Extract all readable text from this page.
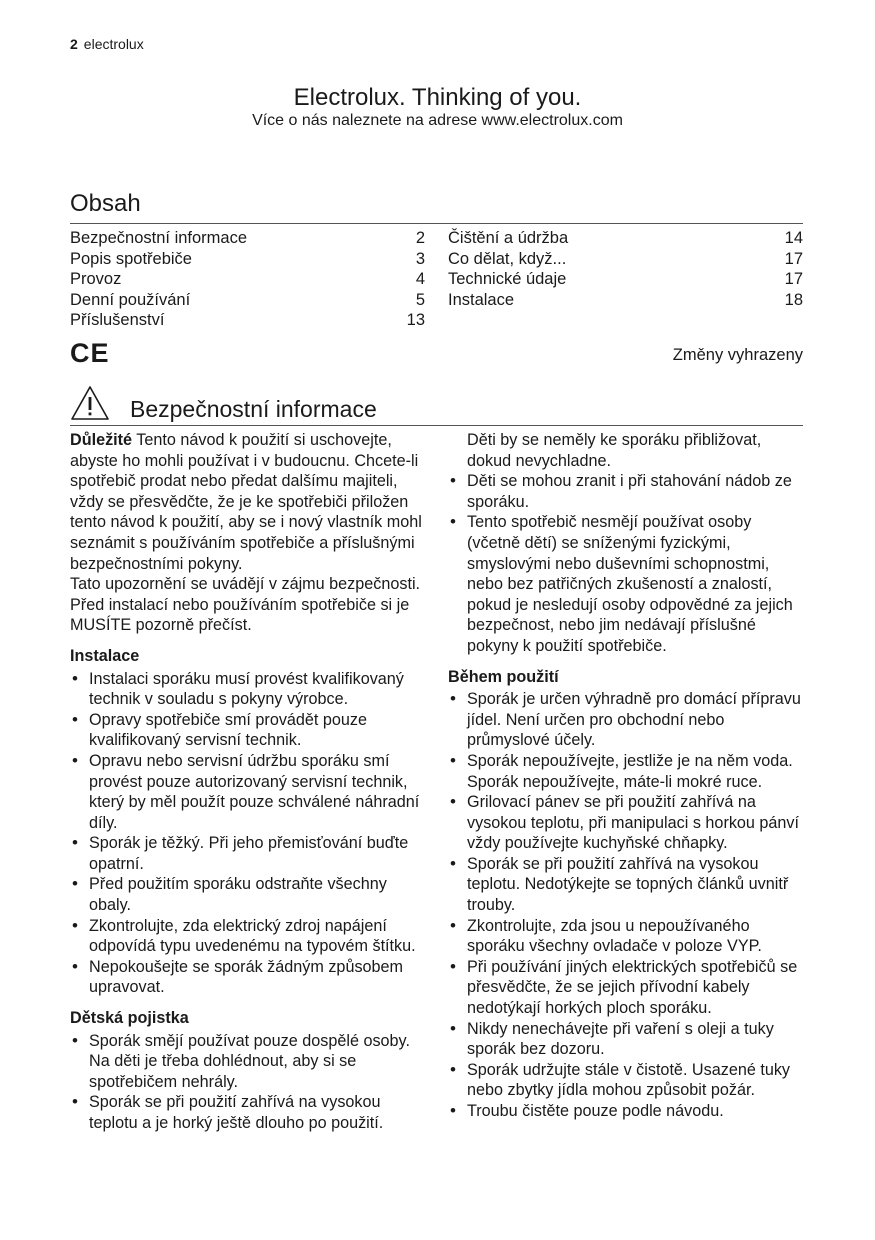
2 electrolux
Electrolux. Thinking of you.
Více o nás naleznete na adrese www.electrolux.com
Obsah
Bezpečnostní informace	2
Popis spotřebiče	3
Provoz	4
Denní používání	5
Příslušenství	13
Čištění a údržba	14
Co dělat, když...	17
Technické údaje	17
Instalace	18
CE	Změny vyhrazeny
Bezpečnostní informace

Důležité Tento návod k použití si uschovejte, abyste ho mohli používat i v budoucnu. Chcete-li spotřebič prodat nebo předat dalšímu majiteli, vždy se přesvědčte, že je ke spotřebiči přiložen tento návod k použití, aby se i nový vlastník mohl seznámit s používáním spotřebiče a příslušnými bezpečnostními pokyny.

Tato upozornění se uvádějí v zájmu bezpečnosti. Před instalací nebo používáním spotřebiče si je MUSÍTE pozorně přečíst.

Instalace
• Instalaci sporáku musí provést kvalifikovaný technik v souladu s pokyny výrobce.
• Opravy spotřebiče smí provádět pouze kvalifikovaný servisní technik.
• Opravu nebo servisní údržbu sporáku smí provést pouze autorizovaný servisní technik, který by měl použít pouze schválené náhradní díly.
• Sporák je těžký. Při jeho přemisťování buďte opatrní.
• Před použitím sporáku odstraňte všechny obaly.
• Zkontrolujte, zda elektrický zdroj napájení odpovídá typu uvedenému na typovém štítku.
• Nepokoušejte se sporák žádným způsobem upravovat.
Dětská pojistka
• Sporák smějí používat pouze dospělé osoby. Na děti je třeba dohlédnout, aby si se spotřebičem nehrály.
• Sporák se při použití zahřívá na vysokou teplotu a je horký ještě dlouho po použití.

Děti by se neměly ke sporáku přibližovat, dokud nevychladne.

• Děti se mohou zranit i při stahování nádob ze sporáku.
• Tento spotřebič nesmějí používat osoby (včetně dětí) se sníženými fyzickými, smyslovými nebo duševními schopnostmi, nebo bez patřičných zkušeností a znalostí, pokud je nesledují osoby odpovědné za jejich bezpečnost, nebo jim nedávají příslušné pokyny k použití spotřebiče.
Během použití
• Sporák je určen výhradně pro domácí přípravu jídel. Není určen pro obchodní nebo průmyslové účely.
• Sporák nepoužívejte, jestliže je na něm voda. Sporák nepoužívejte, máte-li mokré ruce.
• Grilovací pánev se při použití zahřívá na vysokou teplotu, při manipulaci s horkou pánví vždy používejte kuchyňské chňapky.
• Sporák se při použití zahřívá na vysokou teplotu. Nedotýkejte se topných článků uvnitř trouby.
• Zkontrolujte, zda jsou u nepoužívaného sporáku všechny ovladače v poloze VYP.
• Při používání jiných elektrických spotřebičů se přesvědčte, že se jejich přívodní kabely nedotýkají horkých ploch sporáku.
• Nikdy nenechávejte při vaření s oleji a tuky sporák bez dozoru.
• Sporák udržujte stále v čistotě. Usazené tuky nebo zbytky jídla mohou způsobit požár.
• Troubu čistěte pouze podle návodu.
